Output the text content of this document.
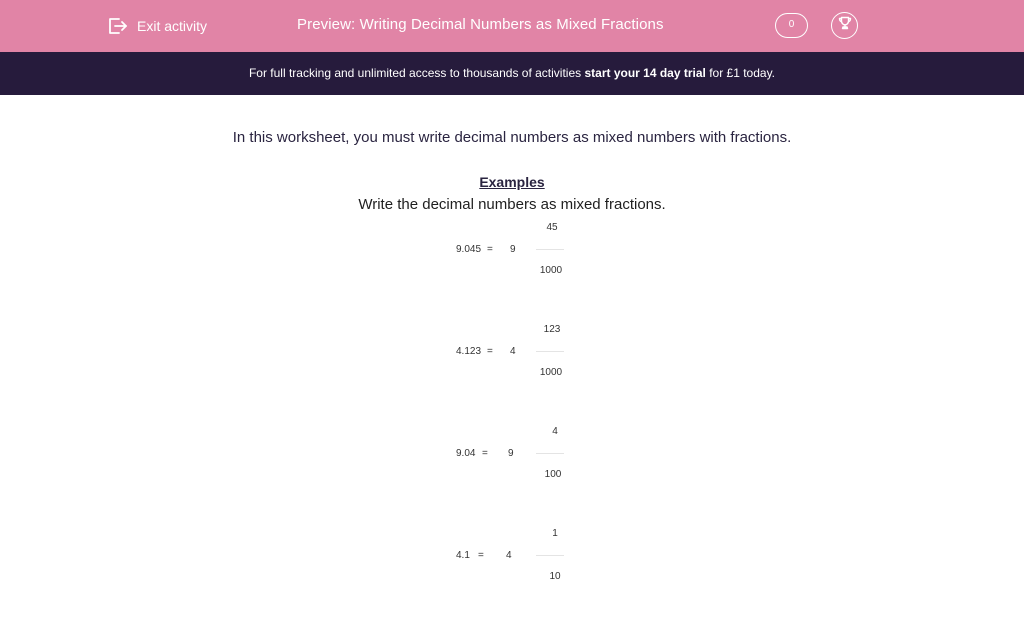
Exit activity	Preview: Writing Decimal Numbers as Mixed Fractions	0
For full tracking and unlimited access to thousands of activities start your 14 day trial for £1 today.
In this worksheet, you must write decimal numbers as mixed numbers with fractions.
Examples
Write the decimal numbers as mixed fractions.
9.045 = 9
45
1000
4.123 = 4
123
1000
9.04 = 9
4
100
4.1 = 4
1
10
